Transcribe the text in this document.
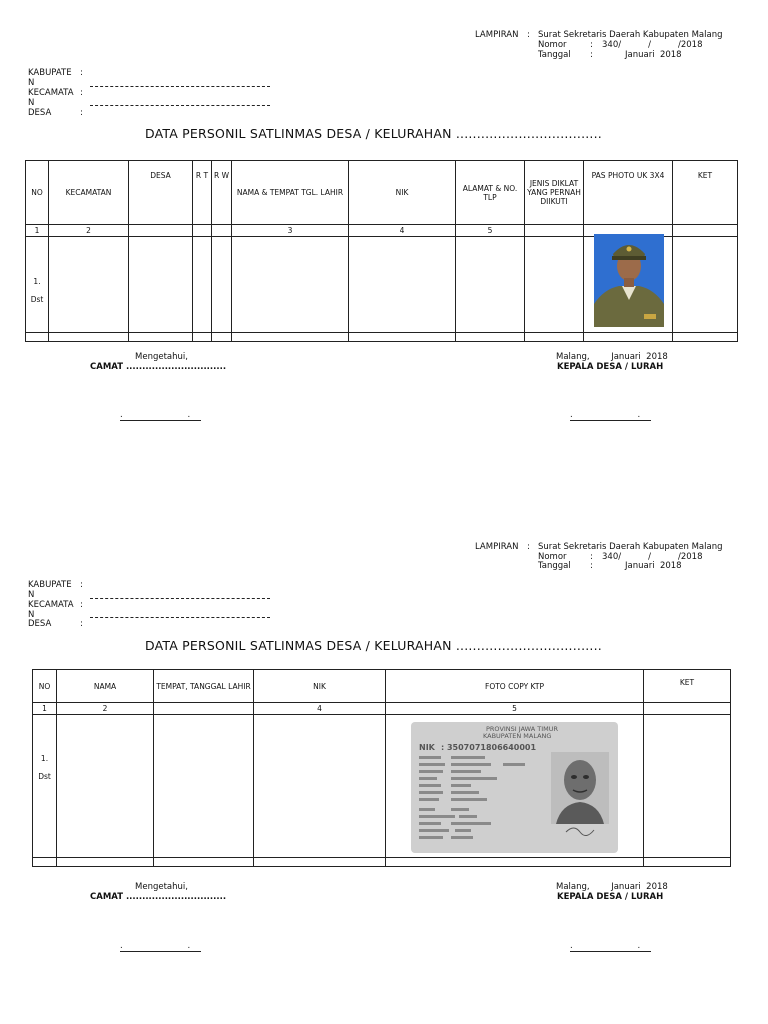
LAMPIRAN : Surat Sekretaris Daerah Kabupaten Malang
Nomor	: 340/          /          /2018
Tanggal :	Januari  2018
KABUPATE :
N
KECAMATA :
N
DESA	:
DATA PERSONIL SATLINMAS DESA / KELURAHAN ...................................
NO	KECAMATAN	DESA	R T	R W	NAMA & TEMPAT TGL. LAHIR	NIK	ALAMAT & NO. TLP	JENIS DIKLAT YANG PERNAH DIIKUTI	PAS PHOTO UK 3X4	KET
1	2				3	4	5			

1.
Dst										

Mengetahui,
CAMAT ...............................
Malang,        Januari  2018
KEPALA DESA / LURAH
.                        .	.                        .
LAMPIRAN : Surat Sekretaris Daerah Kabupaten Malang
Nomor	: 340/          /          /2018
Tanggal :	Januari  2018
KABUPATE :
N
KECAMATA :
N
DESA	:
DATA PERSONIL SATLINMAS DESA / KELURAHAN ...................................
NO	NAMA	TEMPAT, TANGGAL LAHIR	NIK	FOTO COPY KTP	KET
1	2		4	5	

1.
Dst					

PROVINSI JAWA TIMUR
KABUPATEN MALANG
NIK : 3507071806640001
Mengetahui,
CAMAT ...............................
Malang,        Januari  2018
KEPALA DESA / LURAH
.                        .	.                        .
